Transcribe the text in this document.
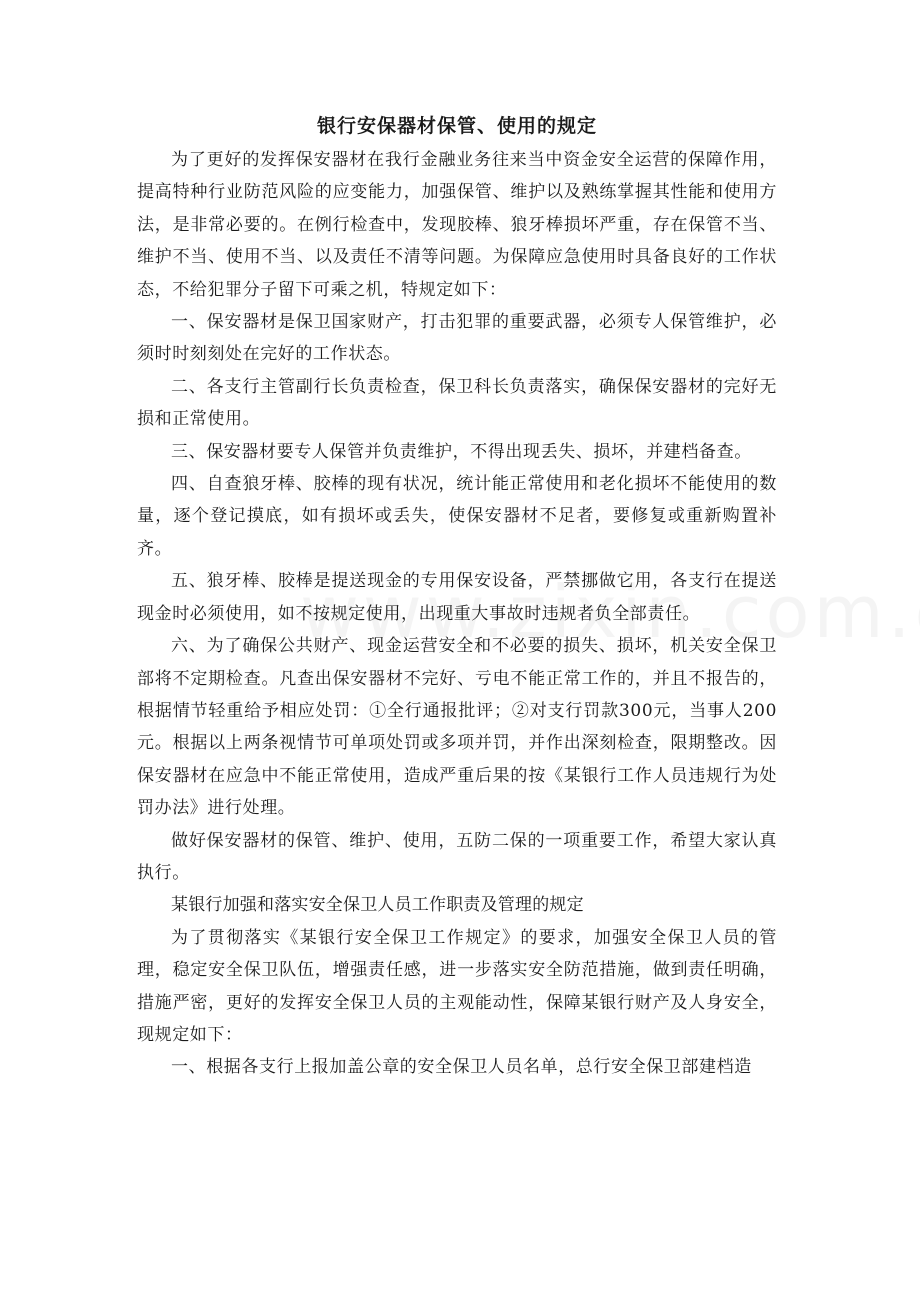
银行安保器材保管、使用的规定

为了更好的发挥保安器材在我行金融业务往来当中资金安全运营的保障作用，提高特种行业防范风险的应变能力，加强保管、维护以及熟练掌握其性能和使用方法，是非常必要的。在例行检查中，发现胶棒、狼牙棒损坏严重，存在保管不当、维护不当、使用不当、以及责任不清等问题。为保障应急使用时具备良好的工作状态，不给犯罪分子留下可乘之机，特规定如下：

一、保安器材是保卫国家财产，打击犯罪的重要武器，必须专人保管维护，必须时时刻刻处在完好的工作状态。

二、各支行主管副行长负责检查，保卫科长负责落实，确保保安器材的完好无损和正常使用。

三、保安器材要专人保管并负责维护，不得出现丢失、损坏，并建档备查。

四、自查狼牙棒、胶棒的现有状况，统计能正常使用和老化损坏不能使用的数量，逐个登记摸底，如有损坏或丢失，使保安器材不足者，要修复或重新购置补齐。

五、狼牙棒、胶棒是提送现金的专用保安设备，严禁挪做它用，各支行在提送现金时必须使用，如不按规定使用，出现重大事故时违规者负全部责任。

六、为了确保公共财产、现金运营安全和不必要的损失、损坏，机关安全保卫部将不定期检查。凡查出保安器材不完好、亏电不能正常工作的，并且不报告的，根据情节轻重给予相应处罚：①全行通报批评；②对支行罚款300元，当事人200元。根据以上两条视情节可单项处罚或多项并罚，并作出深刻检查，限期整改。因保安器材在应急中不能正常使用，造成严重后果的按《某银行工作人员违规行为处罚办法》进行处理。

做好保安器材的保管、维护、使用，五防二保的一项重要工作，希望大家认真执行。

某银行加强和落实安全保卫人员工作职责及管理的规定

为了贯彻落实《某银行安全保卫工作规定》的要求，加强安全保卫人员的管理，稳定安全保卫队伍，增强责任感，进一步落实安全防范措施，做到责任明确，措施严密，更好的发挥安全保卫人员的主观能动性，保障某银行财产及人身安全，现规定如下：

一、根据各支行上报加盖公章的安全保卫人员名单，总行安全保卫部建档造
